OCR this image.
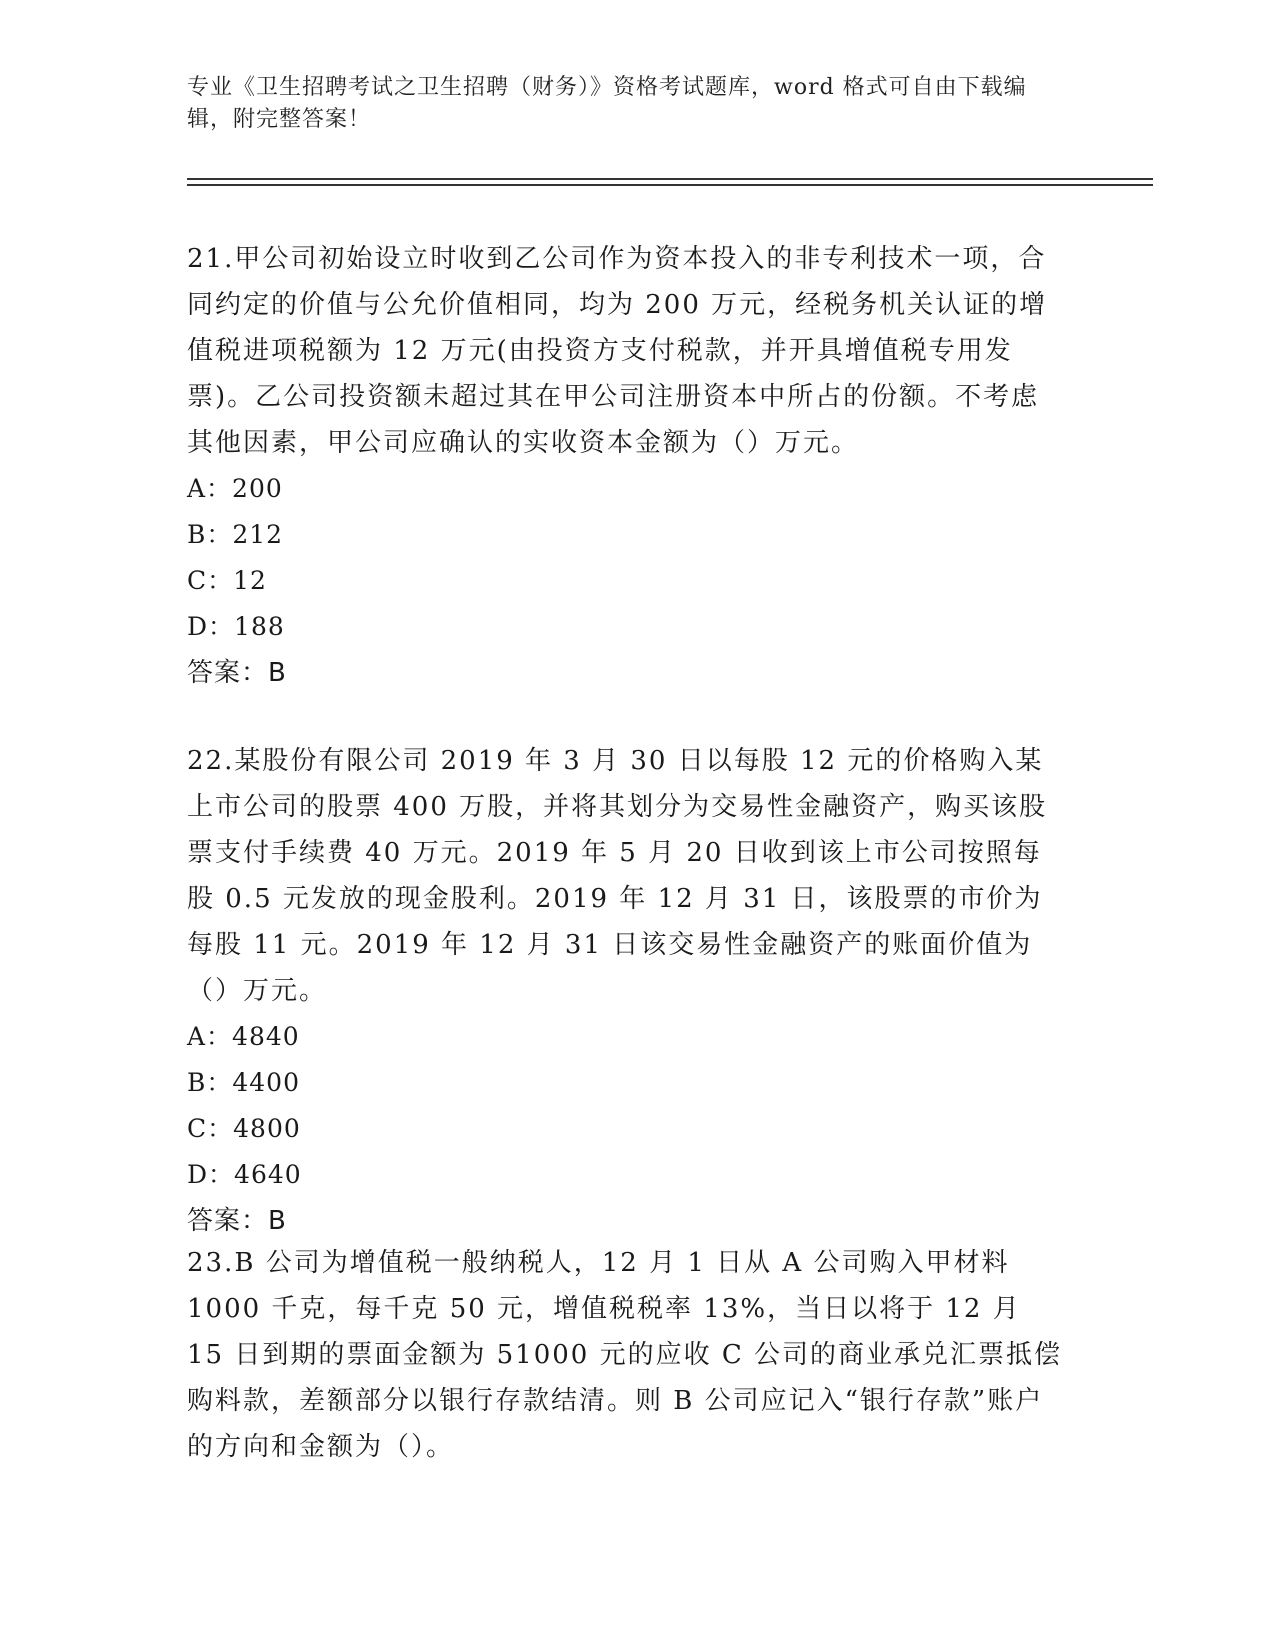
专业《卫生招聘考试之卫生招聘（财务）》资格考试题库，word 格式可自由下载编辑，附完整答案！

21.甲公司初始设立时收到乙公司作为资本投入的非专利技术一项，合同约定的价值与公允价值相同，均为 200 万元，经税务机关认证的增值税进项税额为 12 万元(由投资方支付税款，并开具增值税专用发票)。乙公司投资额未超过其在甲公司注册资本中所占的份额。不考虑其他因素，甲公司应确认的实收资本金额为（）万元。

A：200

B：212

C：12

D：188

答案：B

22.某股份有限公司 2019 年 3 月 30 日以每股 12 元的价格购入某上市公司的股票 400 万股，并将其划分为交易性金融资产，购买该股票支付手续费 40 万元。2019 年 5 月 20 日收到该上市公司按照每股 0.5 元发放的现金股利。2019 年 12 月 31 日，该股票的市价为每股 11 元。2019 年 12 月 31 日该交易性金融资产的账面价值为（）万元。

A：4840

B：4400

C：4800

D：4640

答案：B

23.B 公司为增值税一般纳税人，12 月 1 日从 A 公司购入甲材料 1000 千克，每千克 50 元，增值税税率 13%，当日以将于 12 月 15 日到期的票面金额为 51000 元的应收 C 公司的商业承兑汇票抵偿购料款，差额部分以银行存款结清。则 B 公司应记入“银行存款”账户的方向和金额为（）。
